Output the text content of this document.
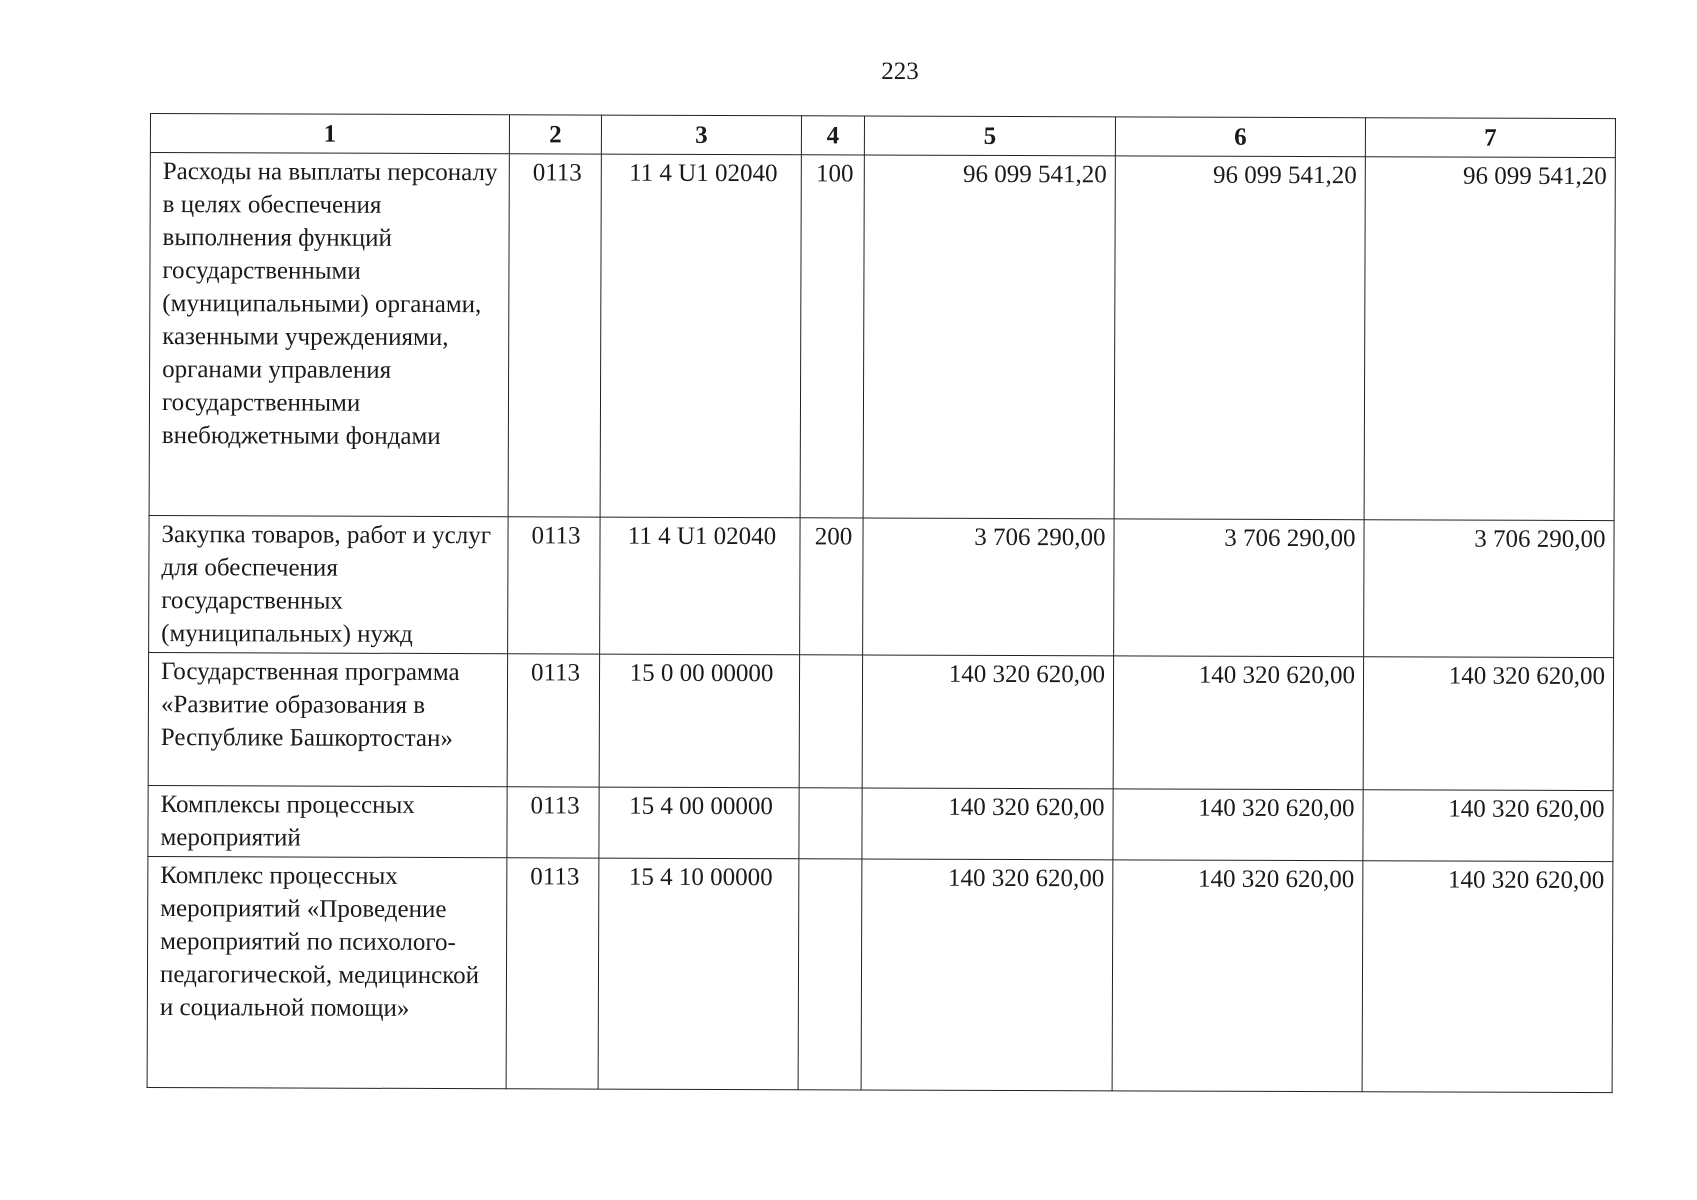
223
1	2	3	4	5	6	7
Расходы на выплаты персоналу в целях обеспечения выполнения функций государственными (муниципальными) органами, казенными учреждениями, органами управления государственными внебюджетными фондами	0113	11 4 U1 02040	100	96 099 541,20	96 099 541,20	96 099 541,20
Закупка товаров, работ и услуг для обеспечения государственных (муниципальных) нужд	0113	11 4 U1 02040	200	3 706 290,00	3 706 290,00	3 706 290,00
Государственная программа «Развитие образования в Республике Башкортостан»	0113	15 0 00 00000		140 320 620,00	140 320 620,00	140 320 620,00
Комплексы процессных мероприятий	0113	15 4 00 00000		140 320 620,00	140 320 620,00	140 320 620,00
Комплекс процессных мероприятий «Проведение мероприятий по психолого-педагогической, медицинской и социальной помощи»	0113	15 4 10 00000		140 320 620,00	140 320 620,00	140 320 620,00
